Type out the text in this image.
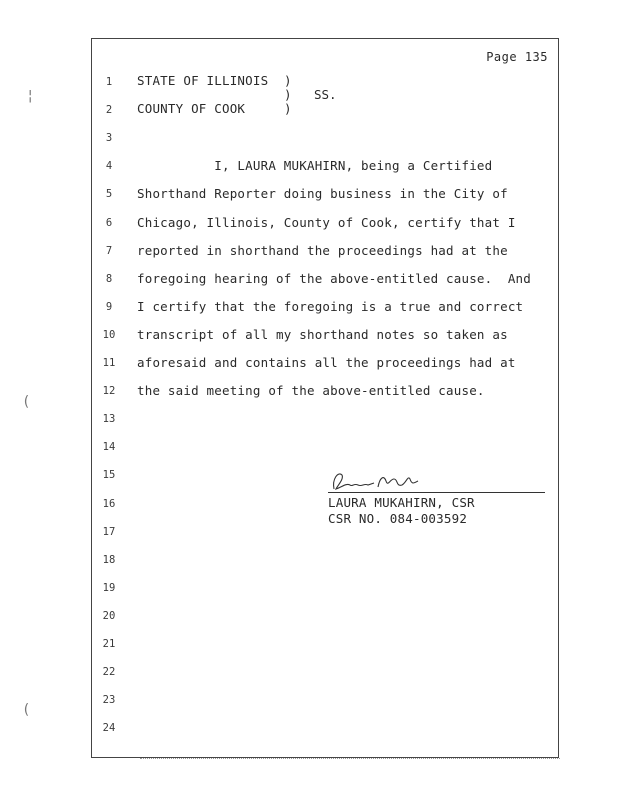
Page 135
1
2
3
4	I, LAURA MUKAHIRN, being a Certified
5	Shorthand Reporter doing business in the City of
6	Chicago, Illinois, County of Cook, certify that I
7	reported in shorthand the proceedings had at the
8	foregoing hearing of the above-entitled cause.  And
9	I certify that the foregoing is a true and correct
10	transcript of all my shorthand notes so taken as
11	aforesaid and contains all the proceedings had at
12	the said meeting of the above-entitled cause.
13
14
15
16
17
18
19
20
21
22
23
24
STATE OF ILLINOIS
COUNTY OF COOK
)
)
)
SS.
LAURA MUKAHIRN, CSR
CSR NO. 084-003592
¦
(
(
